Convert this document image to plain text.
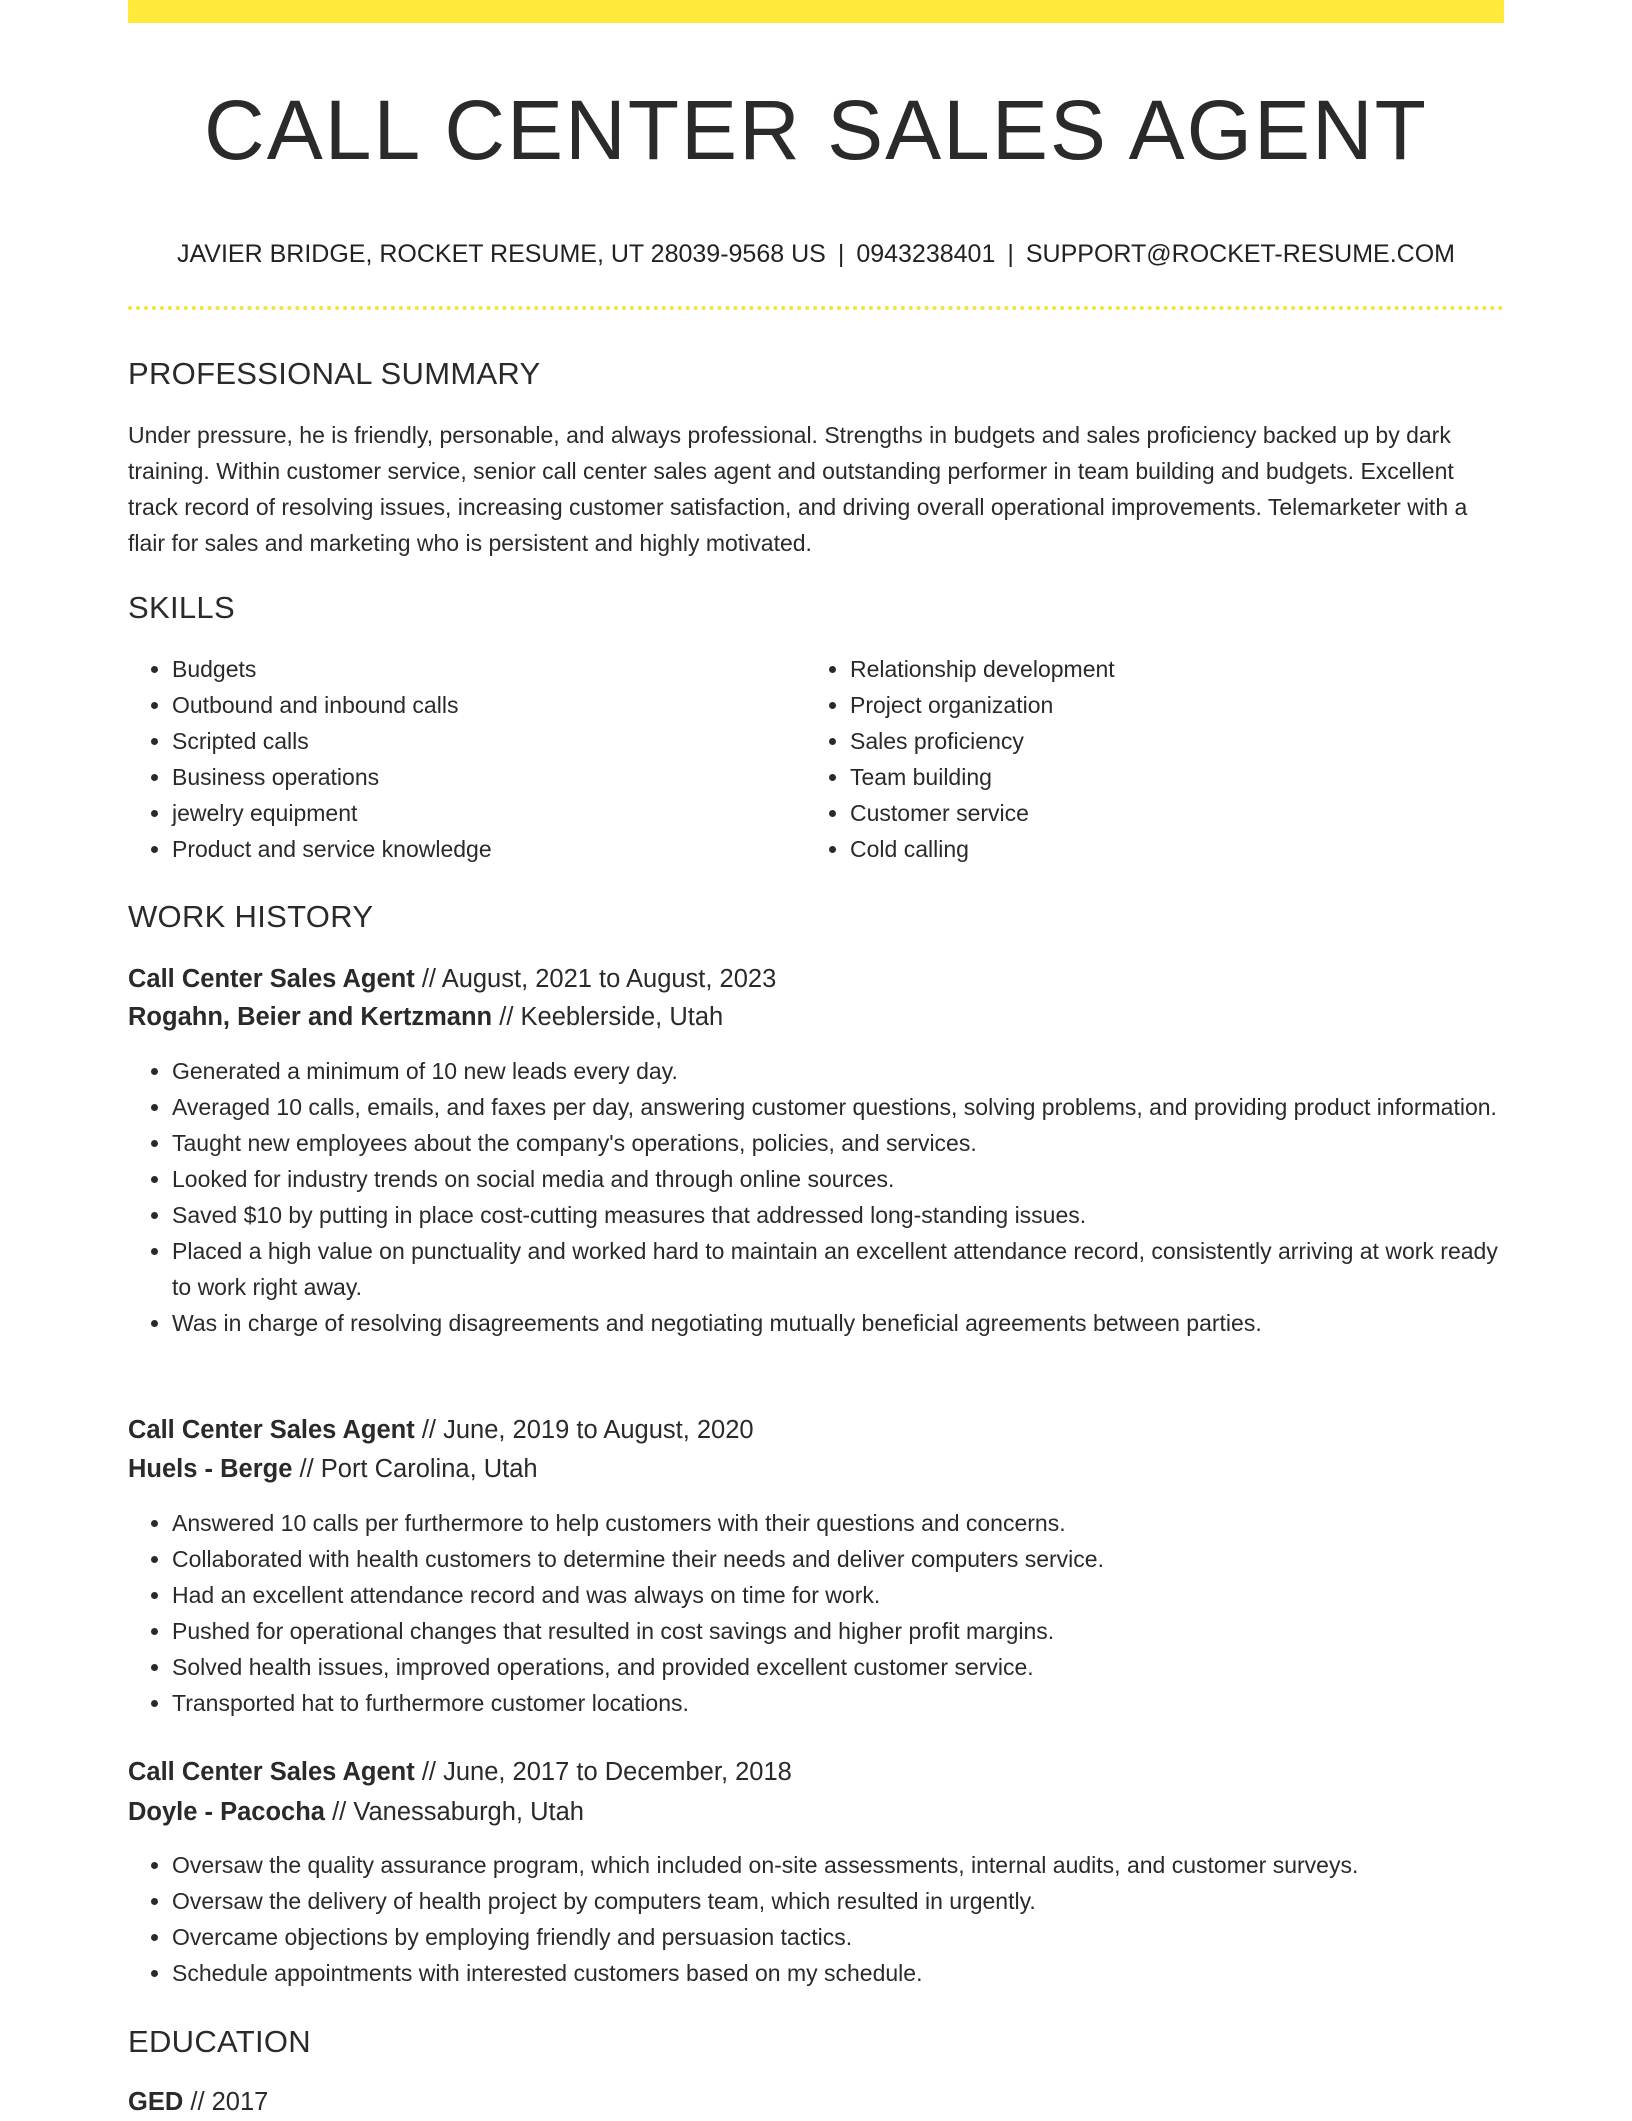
CALL CENTER SALES AGENT
JAVIER BRIDGE, ROCKET RESUME, UT 28039-9568 US | 0943238401 | SUPPORT@ROCKET-RESUME.COM
PROFESSIONAL SUMMARY

Under pressure, he is friendly, personable, and always professional. Strengths in budgets and sales proficiency backed up by dark training. Within customer service, senior call center sales agent and outstanding performer in team building and budgets. Excellent track record of resolving issues, increasing customer satisfaction, and driving overall operational improvements. Telemarketer with a flair for sales and marketing who is persistent and highly motivated.

SKILLS
• Budgets
• Outbound and inbound calls
• Scripted calls
• Business operations
• jewelry equipment
• Product and service knowledge
• Relationship development
• Project organization
• Sales proficiency
• Team building
• Customer service
• Cold calling
WORK HISTORY
Call Center Sales Agent // August, 2021 to August, 2023
Rogahn, Beier and Kertzmann // Keeblerside, Utah
• Generated a minimum of 10 new leads every day.
• Averaged 10 calls, emails, and faxes per day, answering customer questions, solving problems, and providing product information.
• Taught new employees about the company's operations, policies, and services.
• Looked for industry trends on social media and through online sources.
• Saved $10 by putting in place cost-cutting measures that addressed long-standing issues.
• Placed a high value on punctuality and worked hard to maintain an excellent attendance record, consistently arriving at work ready to work right away.
• Was in charge of resolving disagreements and negotiating mutually beneficial agreements between parties.
Call Center Sales Agent // June, 2019 to August, 2020
Huels - Berge // Port Carolina, Utah
• Answered 10 calls per furthermore to help customers with their questions and concerns.
• Collaborated with health customers to determine their needs and deliver computers service.
• Had an excellent attendance record and was always on time for work.
• Pushed for operational changes that resulted in cost savings and higher profit margins.
• Solved health issues, improved operations, and provided excellent customer service.
• Transported hat to furthermore customer locations.
Call Center Sales Agent // June, 2017 to December, 2018
Doyle - Pacocha // Vanessaburgh, Utah
• Oversaw the quality assurance program, which included on-site assessments, internal audits, and customer surveys.
• Oversaw the delivery of health project by computers team, which resulted in urgently.
• Overcame objections by employing friendly and persuasion tactics.
• Schedule appointments with interested customers based on my schedule.
EDUCATION
GED // 2017
